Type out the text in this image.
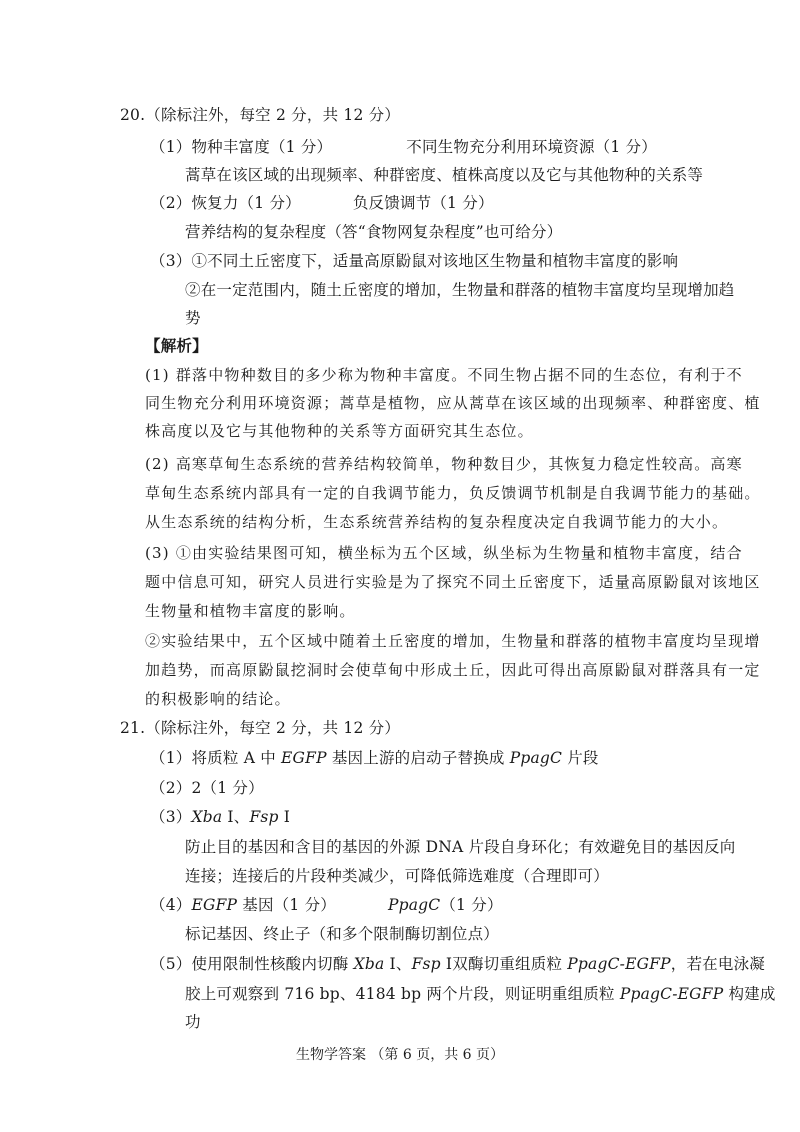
20.（除标注外，每空 2 分，共 12 分）
（1）物种丰富度（1 分）	不同生物充分利用环境资源（1 分）
蒿草在该区域的出现频率、种群密度、植株高度以及它与其他物种的关系等
（2）恢复力（1 分）	负反馈调节（1 分）
营养结构的复杂程度（答“食物网复杂程度”也可给分）
（3）①不同土丘密度下，适量高原鼢鼠对该地区生物量和植物丰富度的影响
②在一定范围内，随土丘密度的增加，生物量和群落的植物丰富度均呈现增加趋
势
【解析】
(1) 群落中物种数目的多少称为物种丰富度。不同生物占据不同的生态位，有利于不
同生物充分利用环境资源；蒿草是植物，应从蒿草在该区域的出现频率、种群密度、植
株高度以及它与其他物种的关系等方面研究其生态位。
(2) 高寒草甸生态系统的营养结构较简单，物种数目少，其恢复力稳定性较高。高寒
草甸生态系统内部具有一定的自我调节能力，负反馈调节机制是自我调节能力的基础。
从生态系统的结构分析，生态系统营养结构的复杂程度决定自我调节能力的大小。
(3) ①由实验结果图可知，横坐标为五个区域，纵坐标为生物量和植物丰富度，结合
题中信息可知，研究人员进行实验是为了探究不同土丘密度下，适量高原鼢鼠对该地区
生物量和植物丰富度的影响。
②实验结果中，五个区域中随着土丘密度的增加，生物量和群落的植物丰富度均呈现增
加趋势，而高原鼢鼠挖洞时会使草甸中形成土丘，因此可得出高原鼢鼠对群落具有一定
的积极影响的结论。
21.（除标注外，每空 2 分，共 12 分）
（1）将质粒 A 中 EGFP 基因上游的启动子替换成 PpagC 片段
（2）2（1 分）
（3）Xba Ⅰ、Fsp Ⅰ
防止目的基因和含目的基因的外源 DNA 片段自身环化；有效避免目的基因反向
连接；连接后的片段种类减少，可降低筛选难度（合理即可）
（4）EGFP 基因（1 分）	PpagC（1 分）
标记基因、终止子（和多个限制酶切割位点）
（5）使用限制性核酸内切酶 Xba Ⅰ、Fsp Ⅰ双酶切重组质粒 PpagC-EGFP，若在电泳凝
胶上可观察到 716 bp、4184 bp 两个片段，则证明重组质粒 PpagC-EGFP 构建成
功
生物学答案 （第 6 页，共 6 页）
